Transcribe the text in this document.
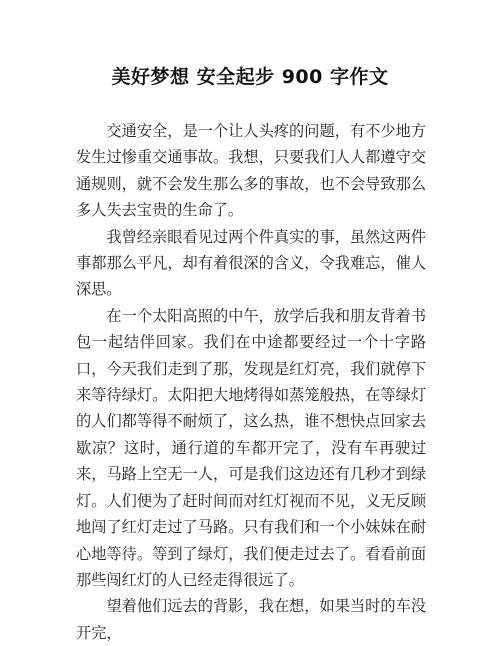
美好梦想 安全起步 900 字作文

交通安全，是一个让人头疼的问题，有不少地方发生过惨重交通事故。我想，只要我们人人都遵守交通规则，就不会发生那么多的事故，也不会导致那么多人失去宝贵的生命了。

我曾经亲眼看见过两个件真实的事，虽然这两件事都那么平凡，却有着很深的含义，令我难忘，催人深思。

在一个太阳高照的中午，放学后我和朋友背着书包一起结伴回家。我们在中途都要经过一个十字路口，今天我们走到了那，发现是红灯亮，我们就停下来等待绿灯。太阳把大地烤得如蒸笼般热，在等绿灯的人们都等得不耐烦了，这么热，谁不想快点回家去歇凉？这时，通行道的车都开完了，没有车再驶过来，马路上空无一人，可是我们这边还有几秒才到绿灯。人们便为了赶时间而对红灯视而不见，义无反顾地闯了红灯走过了马路。只有我们和一个小妹妹在耐心地等待。等到了绿灯，我们便走过去了。看看前面那些闯红灯的人已经走得很远了。

望着他们远去的背影，我在想，如果当时的车没开完，
